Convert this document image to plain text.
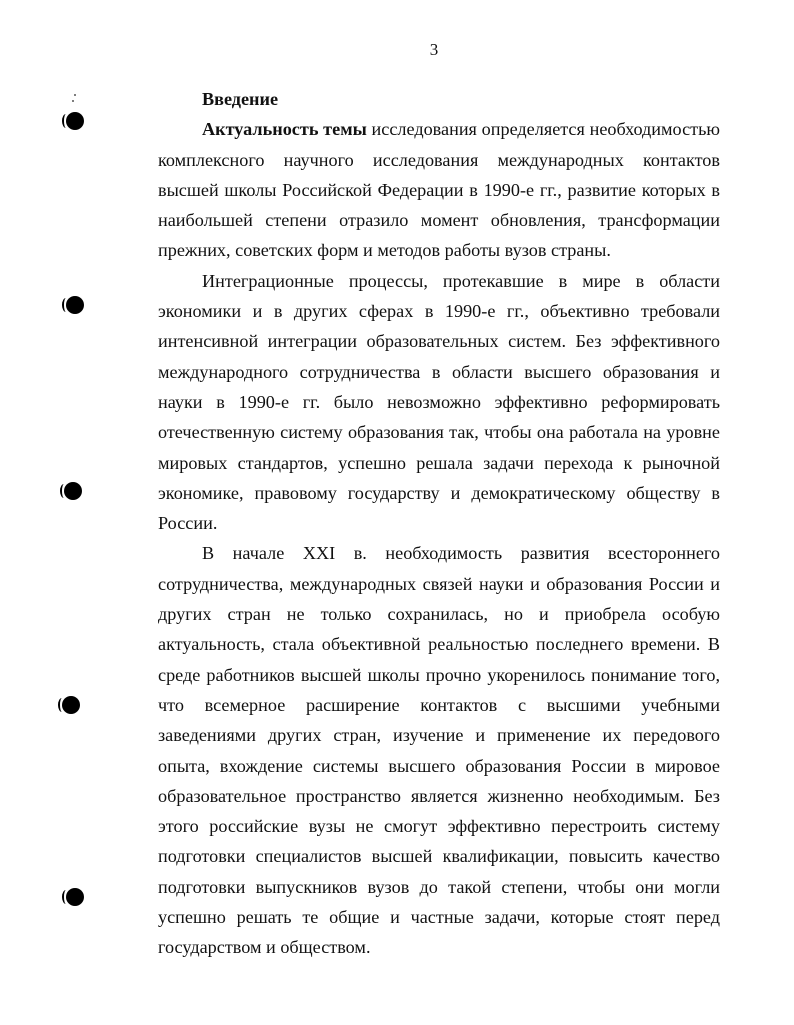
3

Введение

Актуальность темы исследования определяется необходимостью комплексного научного исследования международных контактов высшей школы Российской Федерации в 1990-е гг., развитие которых в наибольшей степени отразило момент обновления, трансформации прежних, советских форм и методов работы вузов страны.

Интеграционные процессы, протекавшие в мире в области экономики и в других сферах в 1990-е гг., объективно требовали интенсивной интеграции образовательных систем. Без эффективного международного сотрудничества в области высшего образования и науки в 1990-е гг. было невозможно эффективно реформировать отечественную систему образования так, чтобы она работала на уровне мировых стандартов, успешно решала задачи перехода к рыночной экономике, правовому государству и демократическому обществу в России.

В начале XXI в. необходимость развития всестороннего сотрудничества, международных связей науки и образования России и других стран не только сохранилась, но и приобрела особую актуальность, стала объективной реальностью последнего времени. В среде работников высшей школы прочно укоренилось понимание того, что всемерное расширение контактов с высшими учебными заведениями других стран, изучение и применение их передового опыта, вхождение системы высшего образования России в мировое образовательное пространство является жизненно необходимым. Без этого российские вузы не смогут эффективно перестроить систему подготовки специалистов высшей квалификации, повысить качество подготовки выпускников вузов до такой степени, чтобы они могли успешно решать те общие и частные задачи, которые стоят перед государством и обществом.
